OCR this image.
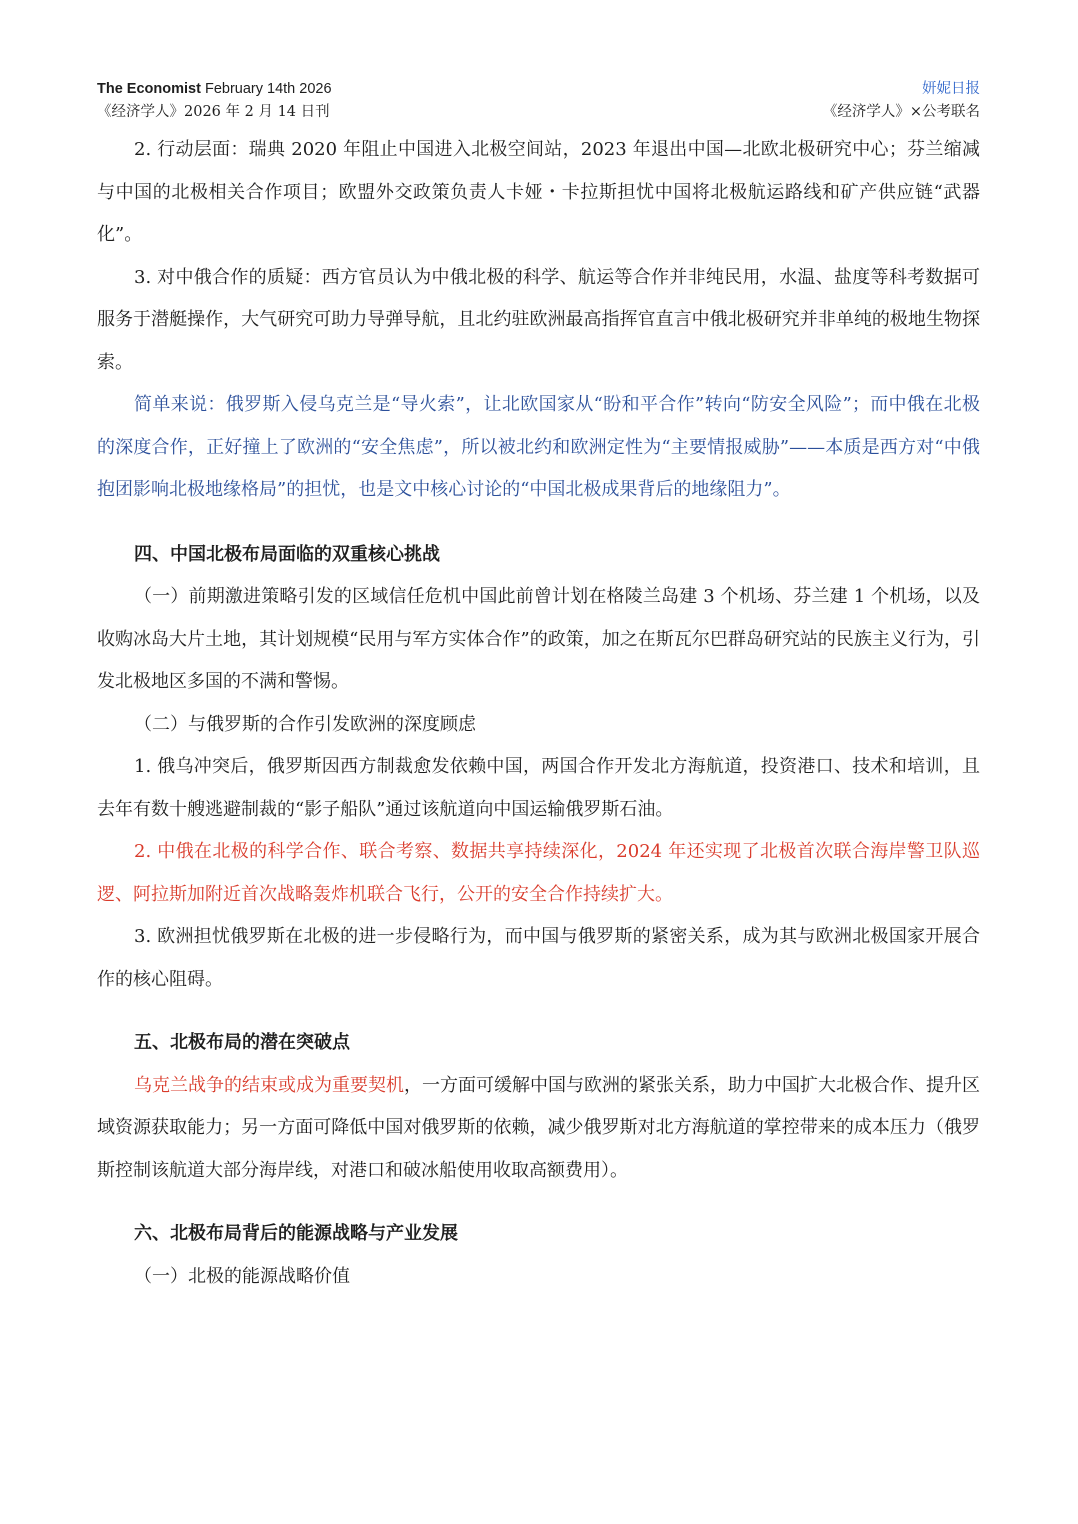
The Economist February 14th 2026	妍妮日报
《经济学人》2026 年 2 月 14 日刊	《经济学人》×公考联名

2. 行动层面：瑞典 2020 年阻止中国进入北极空间站，2023 年退出中国—北欧北极研究中心；芬兰缩减与中国的北极相关合作项目；欧盟外交政策负责人卡娅・卡拉斯担忧中国将北极航运路线和矿产供应链“武器化”。

3. 对中俄合作的质疑：西方官员认为中俄北极的科学、航运等合作并非纯民用，水温、盐度等科考数据可服务于潜艇操作，大气研究可助力导弹导航，且北约驻欧洲最高指挥官直言中俄北极研究并非单纯的极地生物探索。

简单来说：俄罗斯入侵乌克兰是“导火索”，让北欧国家从“盼和平合作”转向“防安全风险”；而中俄在北极的深度合作，正好撞上了欧洲的“安全焦虑”，所以被北约和欧洲定性为“主要情报威胁”——本质是西方对“中俄抱团影响北极地缘格局”的担忧，也是文中核心讨论的“中国北极成果背后的地缘阻力”。

四、中国北极布局面临的双重核心挑战

（一）前期激进策略引发的区域信任危机中国此前曾计划在格陵兰岛建 3 个机场、芬兰建 1 个机场，以及收购冰岛大片土地，其计划规模“民用与军方实体合作”的政策，加之在斯瓦尔巴群岛研究站的民族主义行为，引发北极地区多国的不满和警惕。

（二）与俄罗斯的合作引发欧洲的深度顾虑

1. 俄乌冲突后，俄罗斯因西方制裁愈发依赖中国，两国合作开发北方海航道，投资港口、技术和培训，且去年有数十艘逃避制裁的“影子船队”通过该航道向中国运输俄罗斯石油。

2. 中俄在北极的科学合作、联合考察、数据共享持续深化，2024 年还实现了北极首次联合海岸警卫队巡逻、阿拉斯加附近首次战略轰炸机联合飞行，公开的安全合作持续扩大。

3. 欧洲担忧俄罗斯在北极的进一步侵略行为，而中国与俄罗斯的紧密关系，成为其与欧洲北极国家开展合作的核心阻碍。

五、北极布局的潜在突破点

乌克兰战争的结束或成为重要契机，一方面可缓解中国与欧洲的紧张关系，助力中国扩大北极合作、提升区域资源获取能力；另一方面可降低中国对俄罗斯的依赖，减少俄罗斯对北方海航道的掌控带来的成本压力（俄罗斯控制该航道大部分海岸线，对港口和破冰船使用收取高额费用）。

六、北极布局背后的能源战略与产业发展

（一）北极的能源战略价值
